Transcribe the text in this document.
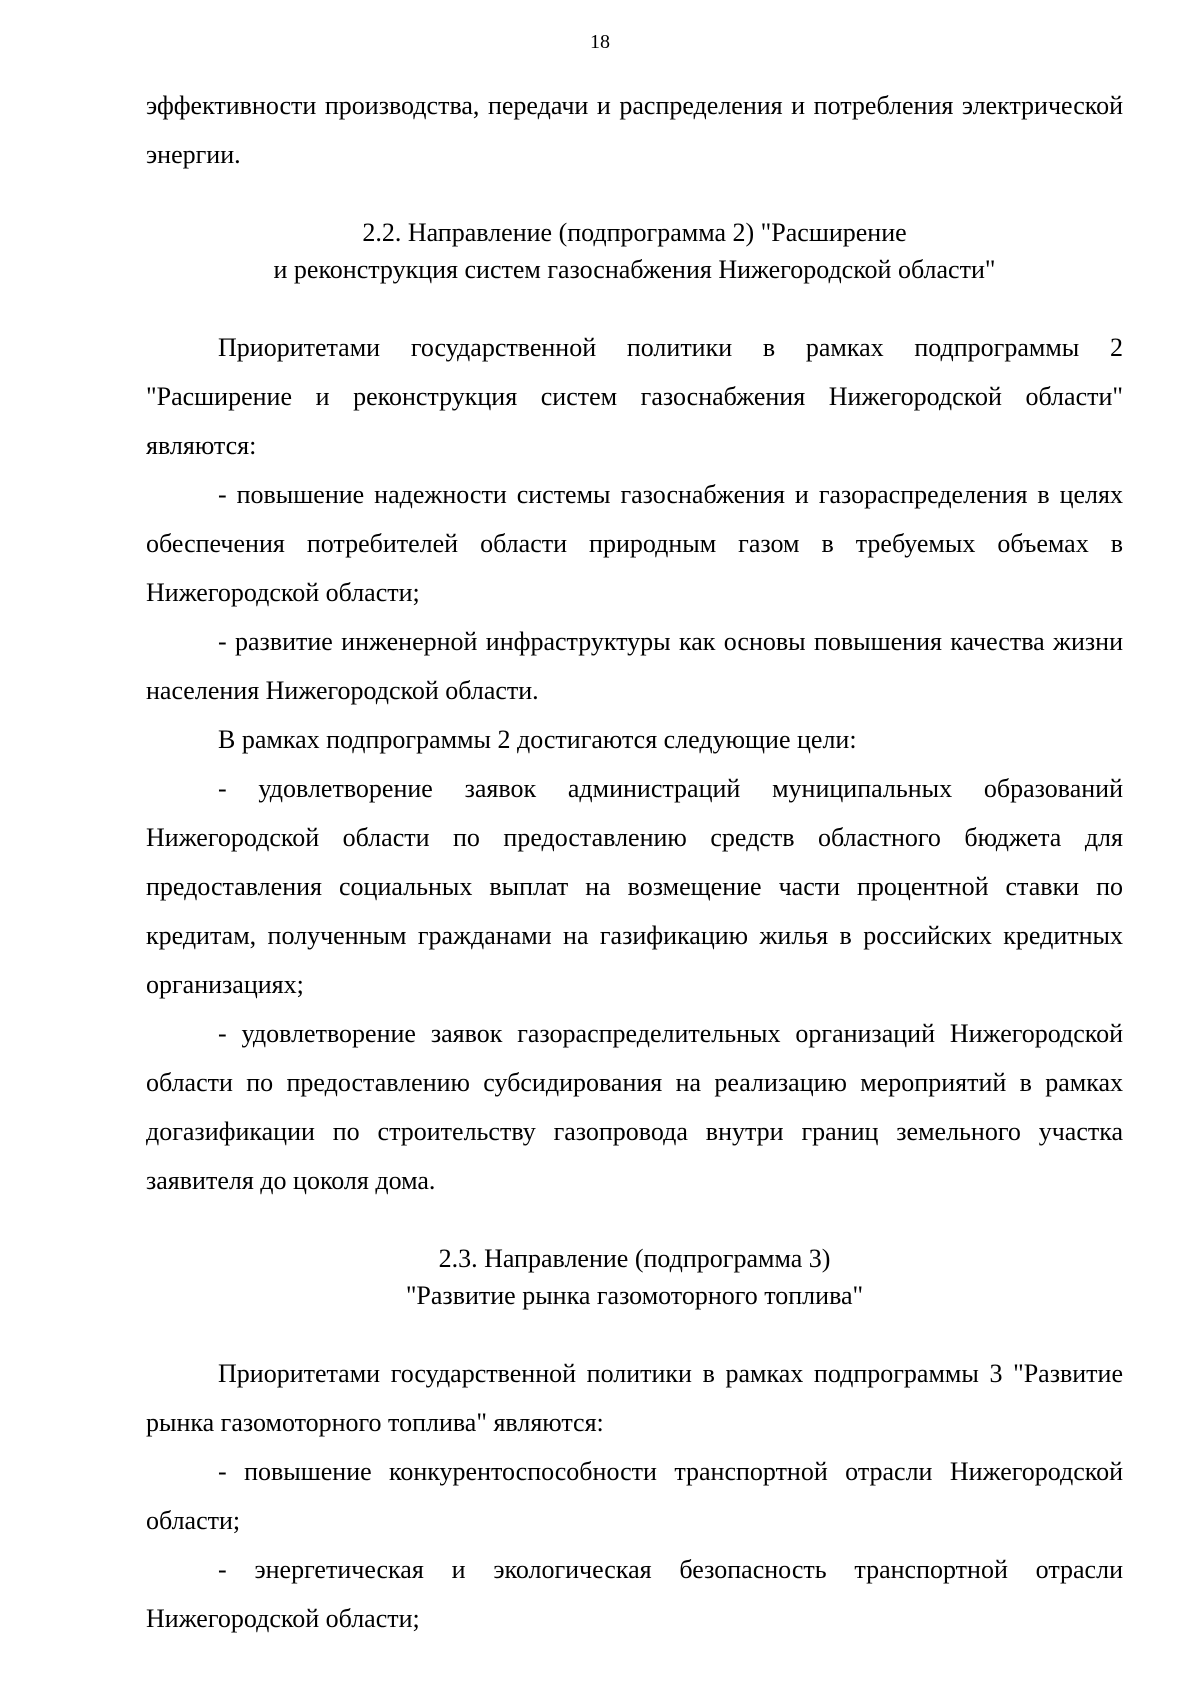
18

эффективности производства, передачи и распределения и потребления электрической энергии.

2.2. Направление (подпрограмма 2) "Расширение
и реконструкция систем газоснабжения Нижегородской области"

Приоритетами государственной политики в рамках подпрограммы 2 "Расширение и реконструкция систем газоснабжения Нижегородской области" являются:

- повышение надежности системы газоснабжения и газораспределения в целях обеспечения потребителей области природным газом в требуемых объемах в Нижегородской области;

- развитие инженерной инфраструктуры как основы повышения качества жизни населения Нижегородской области.

В рамках подпрограммы 2 достигаются следующие цели:

- удовлетворение заявок администраций муниципальных образований Нижегородской области по предоставлению средств областного бюджета для предоставления социальных выплат на возмещение части процентной ставки по кредитам, полученным гражданами на газификацию жилья в российских кредитных организациях;

- удовлетворение заявок газораспределительных организаций Нижегородской области по предоставлению субсидирования на реализацию мероприятий в рамках догазификации по строительству газопровода внутри границ земельного участка заявителя до цоколя дома.

2.3. Направление (подпрограмма 3)
"Развитие рынка газомоторного топлива"

Приоритетами государственной политики в рамках подпрограммы 3 "Развитие рынка газомоторного топлива" являются:

- повышение конкурентоспособности транспортной отрасли Нижегородской области;

- энергетическая и экологическая безопасность транспортной отрасли Нижегородской области;
